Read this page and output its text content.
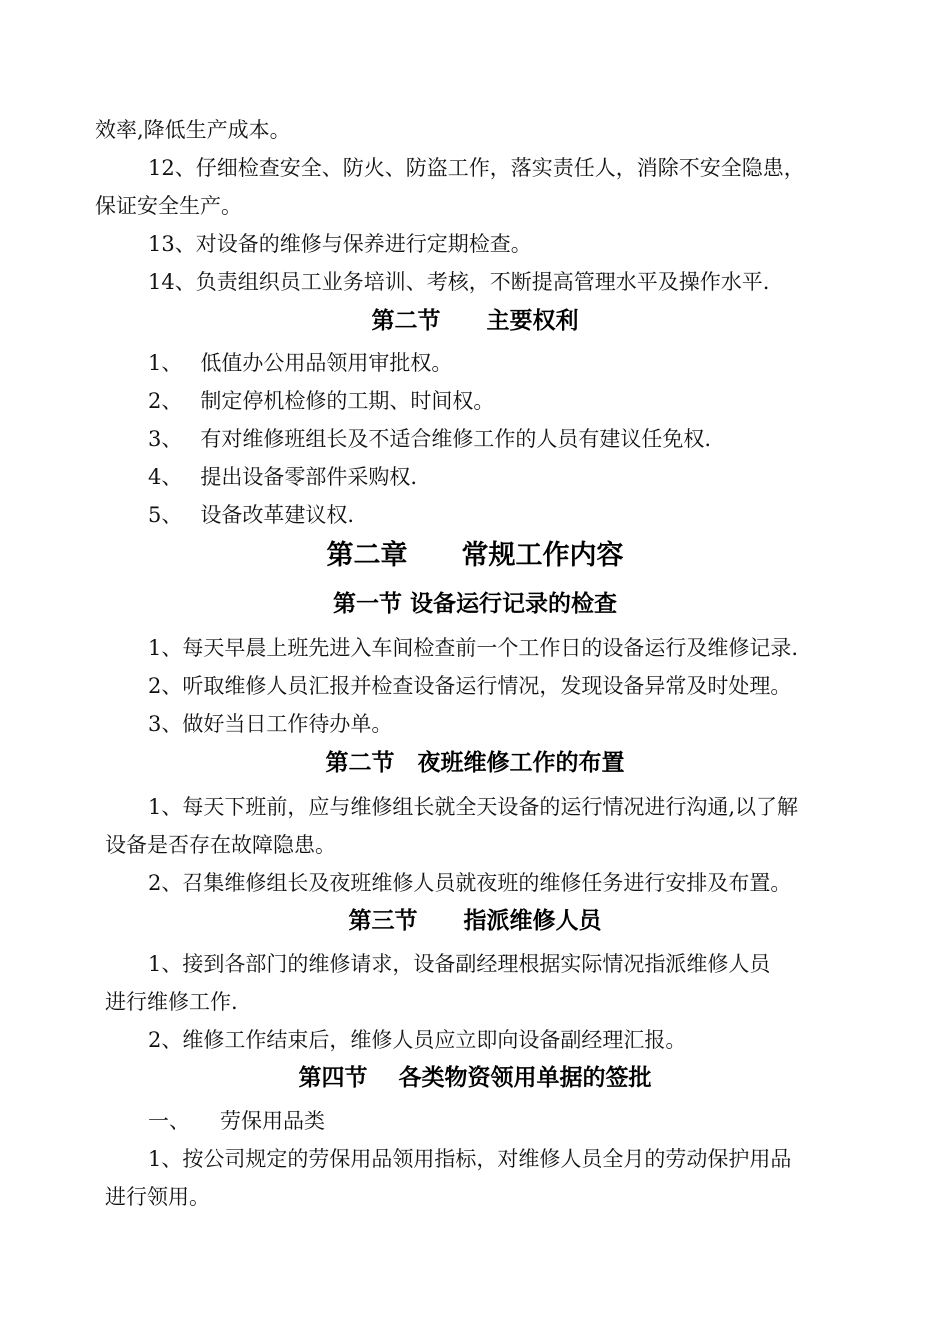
效率,降低生产成本。
12、仔细检查安全、防火、防盗工作，落实责任人，消除不安全隐患，
保证安全生产。
13、对设备的维修与保养进行定期检查。
14、负责组织员工业务培训、考核，不断提高管理水平及操作水平.
第二节　　主要权利
1、 低值办公用品领用审批权。
2、 制定停机检修的工期、时间权。
3、 有对维修班组长及不适合维修工作的人员有建议任免权.
4、 提出设备零部件采购权.
5、 设备改革建议权.
第二章　　常规工作内容
第一节 设备运行记录的检查
1、每天早晨上班先进入车间检查前一个工作日的设备运行及维修记录.
2、听取维修人员汇报并检查设备运行情况，发现设备异常及时处理。
3、做好当日工作待办单。
第二节　夜班维修工作的布置
1、每天下班前，应与维修组长就全天设备的运行情况进行沟通,以了解
设备是否存在故障隐患。
2、召集维修组长及夜班维修人员就夜班的维修任务进行安排及布置。
第三节　　指派维修人员
1、接到各部门的维修请求，设备副经理根据实际情况指派维修人员
进行维修工作.
2、维修工作结束后，维修人员应立即向设备副经理汇报。
第四节　 各类物资领用单据的签批
一、 劳保用品类
1、按公司规定的劳保用品领用指标，对维修人员全月的劳动保护用品
进行领用。
